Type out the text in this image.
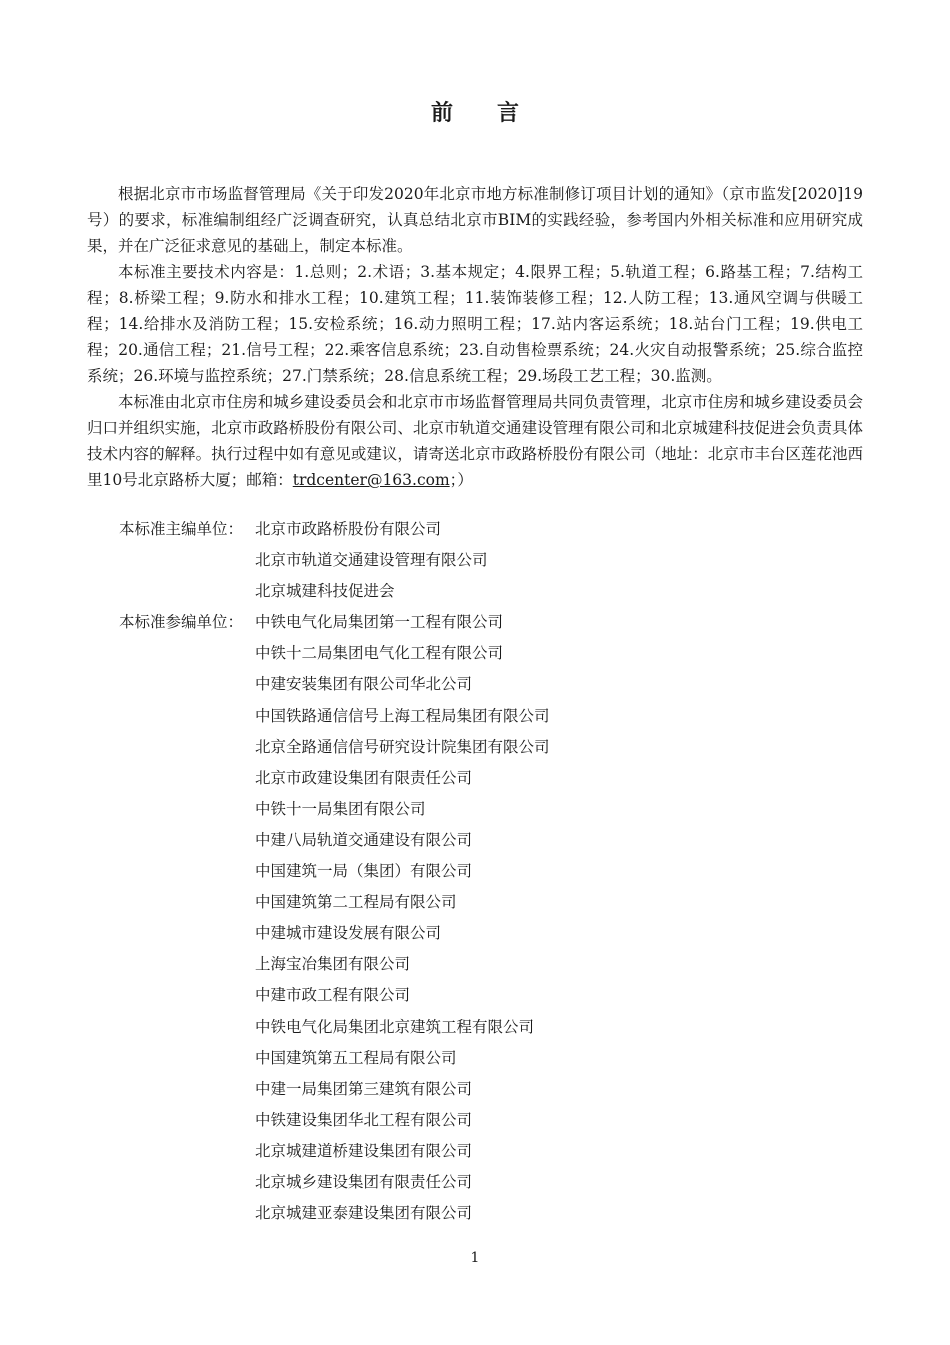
前言

根据北京市市场监督管理局《关于印发2020年北京市地方标准制修订项目计划的通知》（京市监发[2020]19号）的要求，标准编制组经广泛调查研究，认真总结北京市BIM的实践经验，参考国内外相关标准和应用研究成果，并在广泛征求意见的基础上，制定本标准。

本标准主要技术内容是：1.总则；2.术语；3.基本规定；4.限界工程；5.轨道工程；6.路基工程；7.结构工程；8.桥梁工程；9.防水和排水工程；10.建筑工程；11.装饰装修工程；12.人防工程；13.通风空调与供暖工程；14.给排水及消防工程；15.安检系统；16.动力照明工程；17.站内客运系统；18.站台门工程；19.供电工程；20.通信工程；21.信号工程；22.乘客信息系统；23.自动售检票系统；24.火灾自动报警系统；25.综合监控系统；26.环境与监控系统；27.门禁系统；28.信息系统工程；29.场段工艺工程；30.监测。

本标准由北京市住房和城乡建设委员会和北京市市场监督管理局共同负责管理，北京市住房和城乡建设委员会归口并组织实施，北京市政路桥股份有限公司、北京市轨道交通建设管理有限公司和北京城建科技促进会负责具体技术内容的解释。执行过程中如有意见或建议，请寄送北京市政路桥股份有限公司（地址：北京市丰台区莲花池西里10号北京路桥大厦；邮箱：trdcenter@163.com；）

本标准主编单位： 北京市政路桥股份有限公司
北京市轨道交通建设管理有限公司
北京城建科技促进会
本标准参编单位： 中铁电气化局集团第一工程有限公司
中铁十二局集团电气化工程有限公司
中建安装集团有限公司华北公司
中国铁路通信信号上海工程局集团有限公司
北京全路通信信号研究设计院集团有限公司
北京市政建设集团有限责任公司
中铁十一局集团有限公司
中建八局轨道交通建设有限公司
中国建筑一局（集团）有限公司
中国建筑第二工程局有限公司
中建城市建设发展有限公司
上海宝冶集团有限公司
中建市政工程有限公司
中铁电气化局集团北京建筑工程有限公司
中国建筑第五工程局有限公司
中建一局集团第三建筑有限公司
中铁建设集团华北工程有限公司
北京城建道桥建设集团有限公司
北京城乡建设集团有限责任公司
北京城建亚泰建设集团有限公司
1
